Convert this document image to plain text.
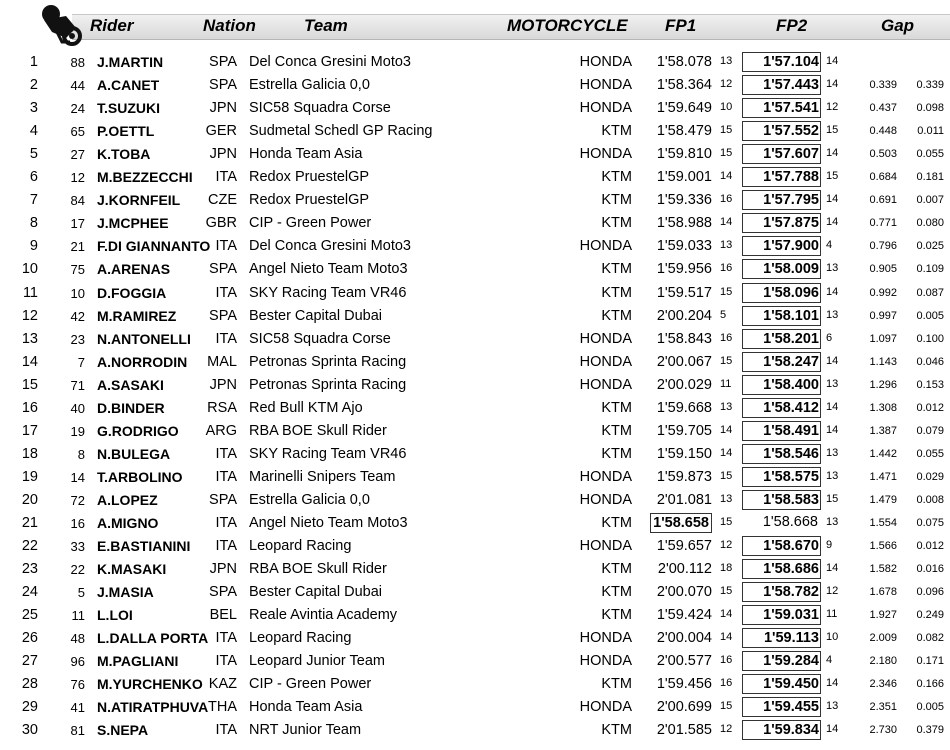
Rider	Nation	Team	MOTORCYCLE FP1	FP2	Gap
1	88 J.MARTIN	SPA Del Conca Gresini Moto3	HONDA 1'58.078 13	1'57.104 14
2	44 A.CANET	SPA Estrella Galicia 0,0	HONDA 1'58.364 12	1'57.443 14	0.339 0.339
3	24 T.SUZUKI	JPN SIC58 Squadra Corse	HONDA 1'59.649 10	1'57.541 12	0.437 0.098
4	65 P.OETTL	GER Sudmetal Schedl GP Racing	KTM 1'58.479 15	1'57.552 15	0.448 0.011
5	27 K.TOBA	JPN Honda Team Asia	HONDA 1'59.810 15	1'57.607 14	0.503 0.055
6	12 M.BEZZECCHI ITA Redox PruestelGP	KTM 1'59.001 14	1'57.788 15	0.684 0.181
7	84 J.KORNFEIL CZE Redox PruestelGP	KTM 1'59.336 16	1'57.795 14	0.691 0.007
8	17 J.MCPHEE	GBR CIP - Green Power	KTM 1'58.988 14	1'57.875 14	0.771 0.080
9	21 F.DI GIANNANTO ITA Del Conca Gresini Moto3	HONDA 1'59.033 13	1'57.900 4	0.796 0.025
10	75 A.ARENAS	SPA Angel Nieto Team Moto3	KTM 1'59.956 16	1'58.009 13	0.905 0.109
11	10 D.FOGGIA	ITA SKY Racing Team VR46	KTM 1'59.517 15	1'58.096 14	0.992 0.087
12	42 M.RAMIREZ SPA Bester Capital Dubai	KTM 2'00.204 5	1'58.101 13	0.997 0.005
13	23 N.ANTONELLI ITA SIC58 Squadra Corse	HONDA 1'58.843 16	1'58.201 6	1.097 0.100
14	7 A.NORRODIN MAL Petronas Sprinta Racing	HONDA 2'00.067 15	1'58.247 14	1.143 0.046
15	71 A.SASAKI	JPN Petronas Sprinta Racing	HONDA 2'00.029 11	1'58.400 13	1.296 0.153
16	40 D.BINDER	RSA Red Bull KTM Ajo	KTM 1'59.668 13	1'58.412 14	1.308 0.012
17	19 G.RODRIGO ARG RBA BOE Skull Rider	KTM 1'59.705 14	1'58.491 14	1.387 0.079
18	8 N.BULEGA	ITA SKY Racing Team VR46	KTM 1'59.150 14	1'58.546 13	1.442 0.055
19	14 T.ARBOLINO ITA Marinelli Snipers Team	HONDA 1'59.873 15	1'58.575 13	1.471 0.029
20	72 A.LOPEZ	SPA Estrella Galicia 0,0	HONDA 2'01.081 13	1'58.583 15	1.479 0.008
21	16 A.MIGNO	ITA Angel Nieto Team Moto3	KTM 1'58.658 15	1'58.668 13	1.554 0.075
22	33 E.BASTIANINI ITA Leopard Racing	HONDA 1'59.657 12	1'58.670 9	1.566 0.012
23	22 K.MASAKI	JPN RBA BOE Skull Rider	KTM 2'00.112 18	1'58.686 14	1.582 0.016
24	5 J.MASIA	SPA Bester Capital Dubai	KTM 2'00.070 15	1'58.782 12	1.678 0.096
25	11 L.LOI	BEL Reale Avintia Academy	KTM 1'59.424 14	1'59.031 11	1.927 0.249
26	48 L.DALLA PORTA ITA Leopard Racing	HONDA 2'00.004 14	1'59.113 10	2.009 0.082
27	96 M.PAGLIANI	ITA Leopard Junior Team	HONDA 2'00.577 16	1'59.284 4	2.180 0.171
28	76 M.YURCHENKO KAZ CIP - Green Power	KTM 1'59.456 16	1'59.450 14	2.346 0.166
29	41 N.ATIRATPHUVA THA Honda Team Asia	HONDA 2'00.699 15	1'59.455 13	2.351 0.005
30	81 S.NEPA	ITA NRT Junior Team	KTM 2'01.585 12	1'59.834 14	2.730 0.379
